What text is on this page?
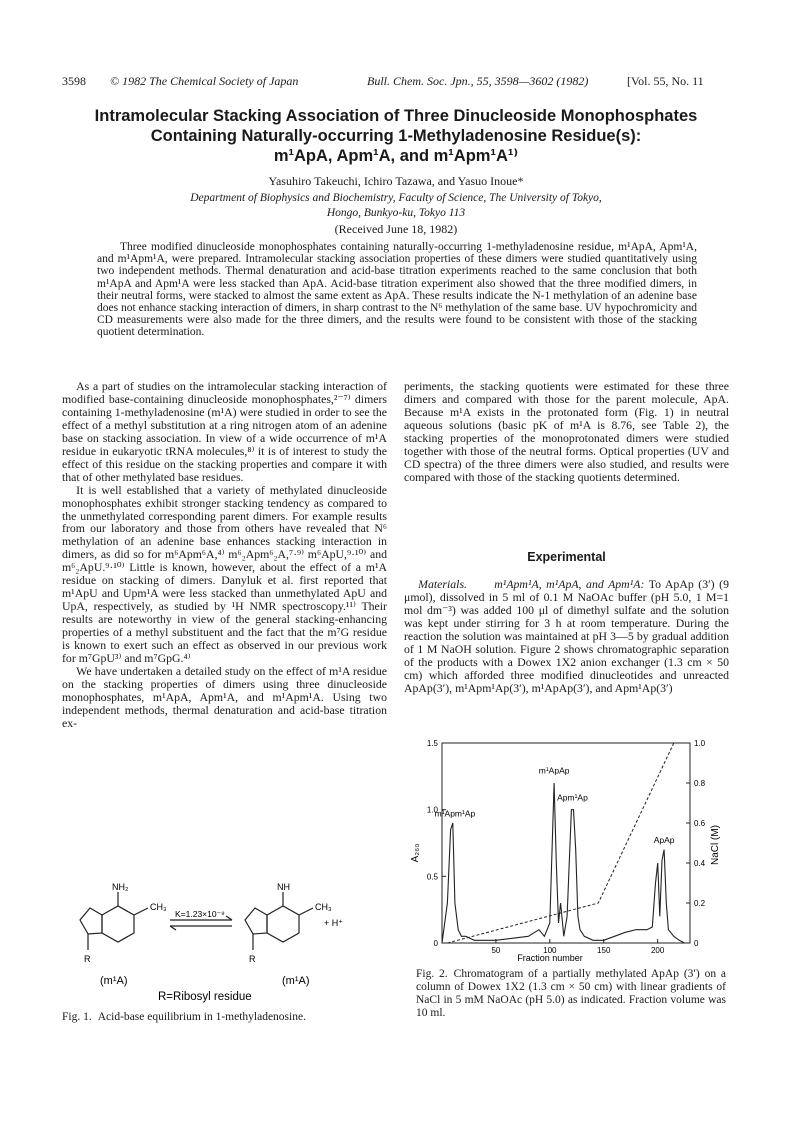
3598 © 1982 The Chemical Society of Japan	Bull. Chem. Soc. Jpn., 55, 3598—3602 (1982)	[Vol. 55, No. 11
Intramolecular Stacking Association of Three Dinucleoside Monophosphates
Containing Naturally-occurring 1-Methyladenosine Residue(s):
m¹ApA, Apm¹A, and m¹Apm¹A¹⁾
Yasuhiro Takeuchi, Ichiro Tazawa, and Yasuo Inoue*
Department of Biophysics and Biochemistry, Faculty of Science, The University of Tokyo,
Hongo, Bunkyo-ku, Tokyo 113
(Received June 18, 1982)

Three modified dinucleoside monophosphates containing naturally-occurring 1-methyladenosine residue, m¹ApA, Apm¹A, and m¹Apm¹A, were prepared. Intramolecular stacking association properties of these dimers were studied quantitatively using two independent methods. Thermal denaturation and acid-base titration experiments reached to the same conclusion that both m¹ApA and Apm¹A were less stacked than ApA. Acid-base titration experiment also showed that the three modified dimers, in their neutral forms, were stacked to almost the same extent as ApA. These results indicate the N-1 methylation of an adenine base does not enhance stacking interaction of dimers, in sharp contrast to the N⁶ methylation of the same base. UV hypochromicity and CD measurements were also made for the three dimers, and the results were found to be consistent with those of the stacking quotient determination.

As a part of studies on the intramolecular stacking interaction of modified base-containing dinucleoside monophosphates,²⁻⁷⁾ dimers containing 1-methyladenosine (m¹A) were studied in order to see the effect of a methyl substitution at a ring nitrogen atom of an adenine base on stacking association. In view of a wide occurrence of m¹A residue in eukaryotic tRNA molecules,⁸⁾ it is of interest to study the effect of this residue on the stacking properties and compare it with that of other methylated base residues.

It is well established that a variety of methylated dinucleoside monophosphates exhibit stronger stacking tendency as compared to the unmethylated corresponding parent dimers. For example results from our laboratory and those from others have revealed that N⁶ methylation of an adenine base enhances stacking interaction in dimers, as did so for m⁶Apm⁶A,⁴⁾ m⁶₂Apm⁶₂A,⁷·⁹⁾ m⁶ApU,⁹·¹⁰⁾ and m⁶₂ApU.⁹·¹⁰⁾ Little is known, however, about the effect of a m¹A residue on stacking of dimers. Danyluk et al. first reported that m¹ApU and Upm¹A were less stacked than unmethylated ApU and UpA, respectively, as studied by ¹H NMR spectroscopy.¹¹⁾ Their results are noteworthy in view of the general stacking-enhancing properties of a methyl substituent and the fact that the m⁷G residue is known to exert such an effect as observed in our previous work for m⁷GpU³⁾ and m⁷GpG.⁴⁾

We have undertaken a detailed study on the effect of m¹A residue on the stacking properties of dimers using three dinucleoside monophosphates, m¹ApA, Apm¹A, and m¹Apm¹A. Using two independent methods, thermal denaturation and acid-base titration ex-

periments, the stacking quotients were estimated for these three dimers and compared with those for the parent molecule, ApA. Because m¹A exists in the protonated form (Fig. 1) in neutral aqueous solutions (basic pK of m¹A is 8.76, see Table 2), the stacking properties of the monoprotonated dimers were studied together with those of the neutral forms. Optical properties (UV and CD spectra) of the three dimers were also studied, and results were compared with those of the stacking quotients determined.

Experimental

Materials. m¹Apm¹A, m¹ApA, and Apm¹A: To ApAp (3′) (9 μmol), dissolved in 5 ml of 0.1 M NaOAc buffer (pH 5.0, 1 M=1 mol dm⁻³) was added 100 μl of dimethyl sulfate and the solution was kept under stirring for 3 h at room temperature. During the reaction the solution was maintained at pH 3—5 by gradual addition of 1 M NaOH solution. Figure 2 shows chromatographic separation of the products with a Dowex 1X2 anion exchanger (1.3 cm × 50 cm) which afforded three modified dinucleotides and unreacted ApAp(3′), m¹Apm¹Ap(3′), m¹ApAp(3′), and Apm¹Ap(3′)

NH₂
CH₃
NH
CH₃
K=1.23×10⁻⁹
+ H⁺
R	R
(m¹A)	(m¹A)
R=Ribosyl residue
Fig. 1. Acid-base equilibrium in 1-methyladenosine.
50	100	150	200
0
0.5
1.0
1.5
0
0.2
0.4
0.6
0.8
1.0
m¹Apm¹Ap
m¹ApAp
Apm¹Ap
ApAp
Fraction number
A₂₆₀	NaCl (M)
Fig. 2. Chromatogram of a partially methylated ApAp (3′) on a column of Dowex 1X2 (1.3 cm × 50 cm) with linear gradients of NaCl in 5 mM NaOAc (pH 5.0) as indicated. Fraction volume was 10 ml.
